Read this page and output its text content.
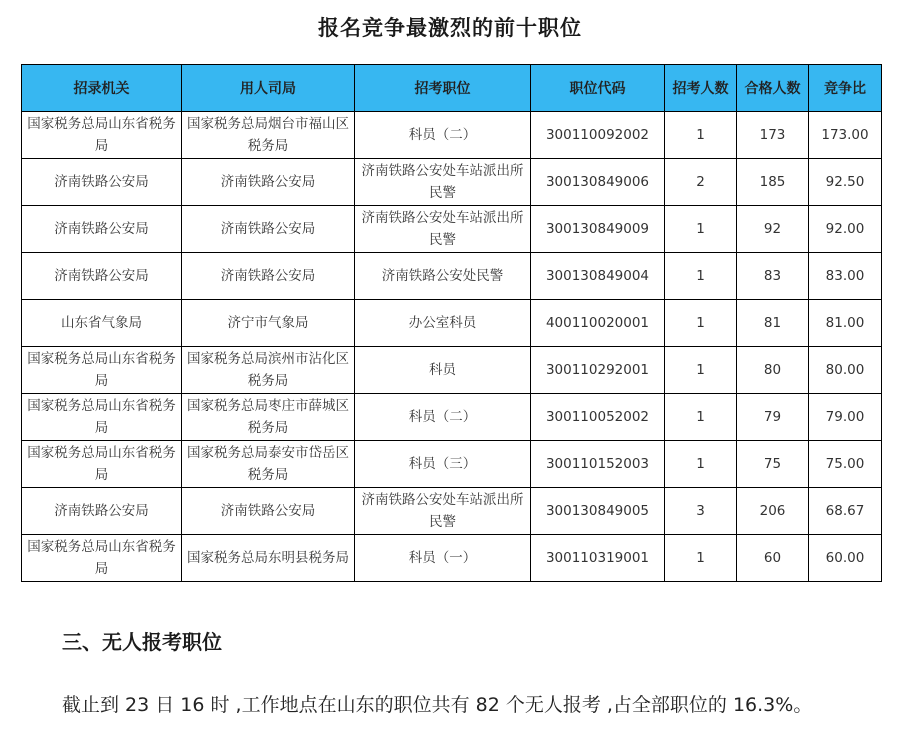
报名竞争最激烈的前十职位
招录机关	用人司局	招考职位	职位代码	招考人数	合格人数	竞争比
国家税务总局山东省税务局	国家税务总局烟台市福山区税务局	科员（二）	300110092002	1	173	173.00
济南铁路公安局	济南铁路公安局	济南铁路公安处车站派出所民警	300130849006	2	185	92.50
济南铁路公安局	济南铁路公安局	济南铁路公安处车站派出所民警	300130849009	1	92	92.00
济南铁路公安局	济南铁路公安局	济南铁路公安处民警	300130849004	1	83	83.00
山东省气象局	济宁市气象局	办公室科员	400110020001	1	81	81.00
国家税务总局山东省税务局	国家税务总局滨州市沾化区税务局	科员	300110292001	1	80	80.00
国家税务总局山东省税务局	国家税务总局枣庄市薛城区税务局	科员（二）	300110052002	1	79	79.00
国家税务总局山东省税务局	国家税务总局泰安市岱岳区税务局	科员（三）	300110152003	1	75	75.00
济南铁路公安局	济南铁路公安局	济南铁路公安处车站派出所民警	300130849005	3	206	68.67
国家税务总局山东省税务局	国家税务总局东明县税务局	科员（一）	300110319001	1	60	60.00
三、无人报考职位
截止到 23 日 16 时 ,工作地点在山东的职位共有 82 个无人报考 ,占全部职位的 16.3%。
